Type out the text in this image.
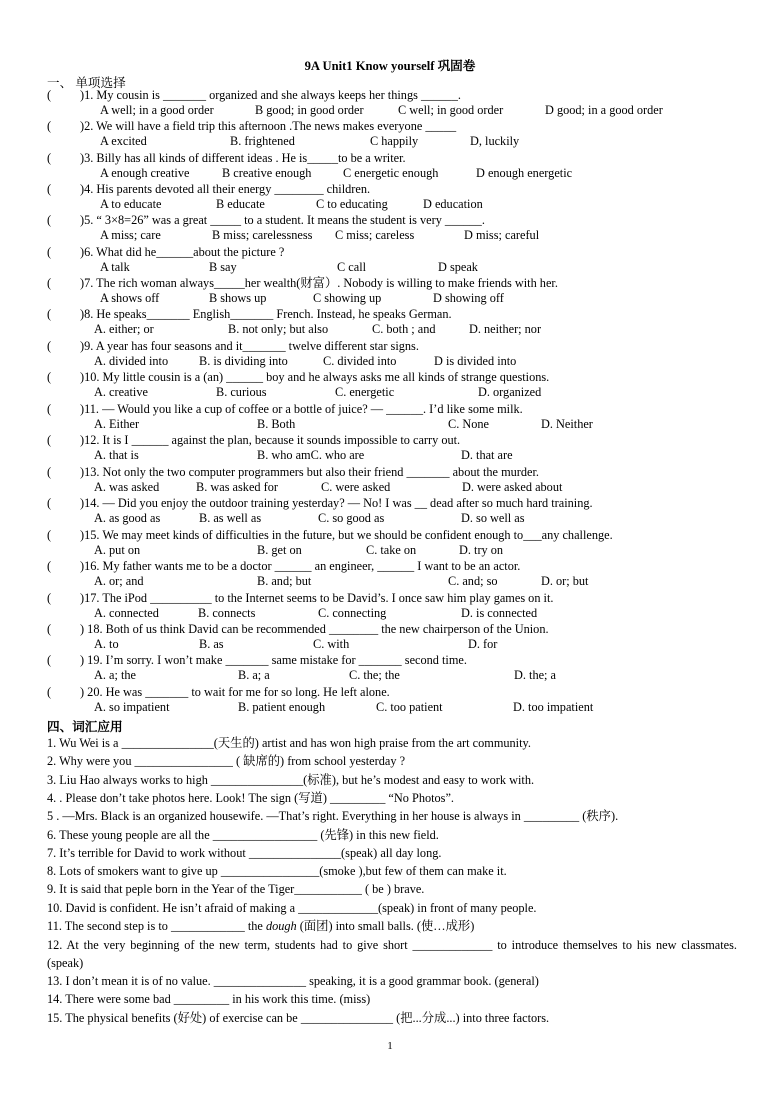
9A Unit1 Know yourself 巩固卷
一、 单项选择
( )1. My cousin is _______ organized and she always keeps her things ______.
A well; in a good order	B good; in good order	C well; in good order	D good; in a good order
( )2. We will have a field trip this afternoon .The news makes everyone _____
A excited	B. frightened	C happily	D, luckily
( )3. Billy has all kinds of different ideas . He is_____to be a writer.
A enough creative	B creative enough	C energetic enough	D enough energetic
( )4. His parents devoted all their energy ________ children.
A to educate	B educate	C to educating	D education
( )5. “ 3×8=26” was a great _____ to a student. It means the student is very ______.
A miss; care	B miss; carelessness C miss; careless	D miss; careful
( )6. What did he______about the picture ?
A talk	B say	C call	D speak
( )7. The rich woman always_____her wealth(财富）. Nobody is willing to make friends with her.
A shows off	B shows up	C showing up	D showing off
( )8. He speaks_______ English_______ French. Instead, he speaks German.
A. either; or	B. not only; but also	C. both ; and	D. neither; nor
( )9. A year has four seasons and it_______ twelve different star signs.
A. divided into	B. is dividing into	C. divided into	D is divided into
( )10. My little cousin is a (an) ______ boy and he always asks me all kinds of strange questions.
A. creative	B. curious	C. energetic	D. organized
( )11. — Would you like a cup of coffee or a bottle of juice? — ______. I’d like some milk.
A. Either	B. Both	C. None	D. Neither
( )12. It is I ______ against the plan, because it sounds impossible to carry out.
A. that is	B. who amC. who are	D. that are
( )13. Not only the two computer programmers but also their friend _______ about the murder.
A. was asked	B. was asked for	C. were asked	D. were asked about
( )14. — Did you enjoy the outdoor training yesterday? — No! I was __ dead after so much hard training.
A. as good as	B. as well as	C. so good as	D. so well as
( )15. We may meet kinds of difficulties in the future, but we should be confident enough to___any challenge.
A. put on	B. get on	C. take on	D. try on
( )16. My father wants me to be a doctor ______ an engineer, ______ I want to be an actor.
A. or; and	B. and; but	C. and; so	D. or; but
( )17. The iPod __________ to the Internet seems to be David’s. I once saw him play games on it.
A. connected	B. connects	C. connecting	D. is connected
( ) 18. Both of us think David can be recommended ________ the new chairperson of the Union.
A. to	B. as	C. with	D. for
( ) 19. I’m sorry. I won’t make _______ same mistake for _______ second time.
A. a; the	B. a; a	C. the; the	D. the; a
( ) 20. He was _______ to wait for me for so long. He left alone.
A. so impatient	B. patient enough	C. too patient	D. too impatient
四、词汇应用
1. Wu Wei is a _______________(天生的) artist and has won high praise from the art community.
2. Why were you ________________ ( 缺席的) from school yesterday ?
3. Liu Hao always works to high _______________(标准), but he’s modest and easy to work with.
4. . Please don’t take photos here. Look! The sign (写道) _________ “No Photos”.
5 . —Mrs. Black is an organized housewife. —That’s right. Everything in her house is always in _________ (秩序).
6. These young people are all the _________________ (先锋) in this new field.
7. It’s terrible for David to work without _______________(speak) all day long.
8. Lots of smokers want to give up ________________(smoke ),but few of them can make it.
9. It is said that peple born in the Year of the Tiger___________ ( be ) brave.
10. David is confident. He isn’t afraid of making a _____________(speak) in front of many people.
11. The second step is to ____________ the dough (面团) into small balls. (使…成形)
12. At the very beginning of the new term, students had to give short _____________ to introduce themselves to his new classmates. (speak)
13. I don’t mean it is of no value. _______________ speaking, it is a good grammar book. (general)
14. There were some bad _________ in his work this time. (miss)
15. The physical benefits (好处) of exercise can be _______________ (把...分成...) into three factors.
1
